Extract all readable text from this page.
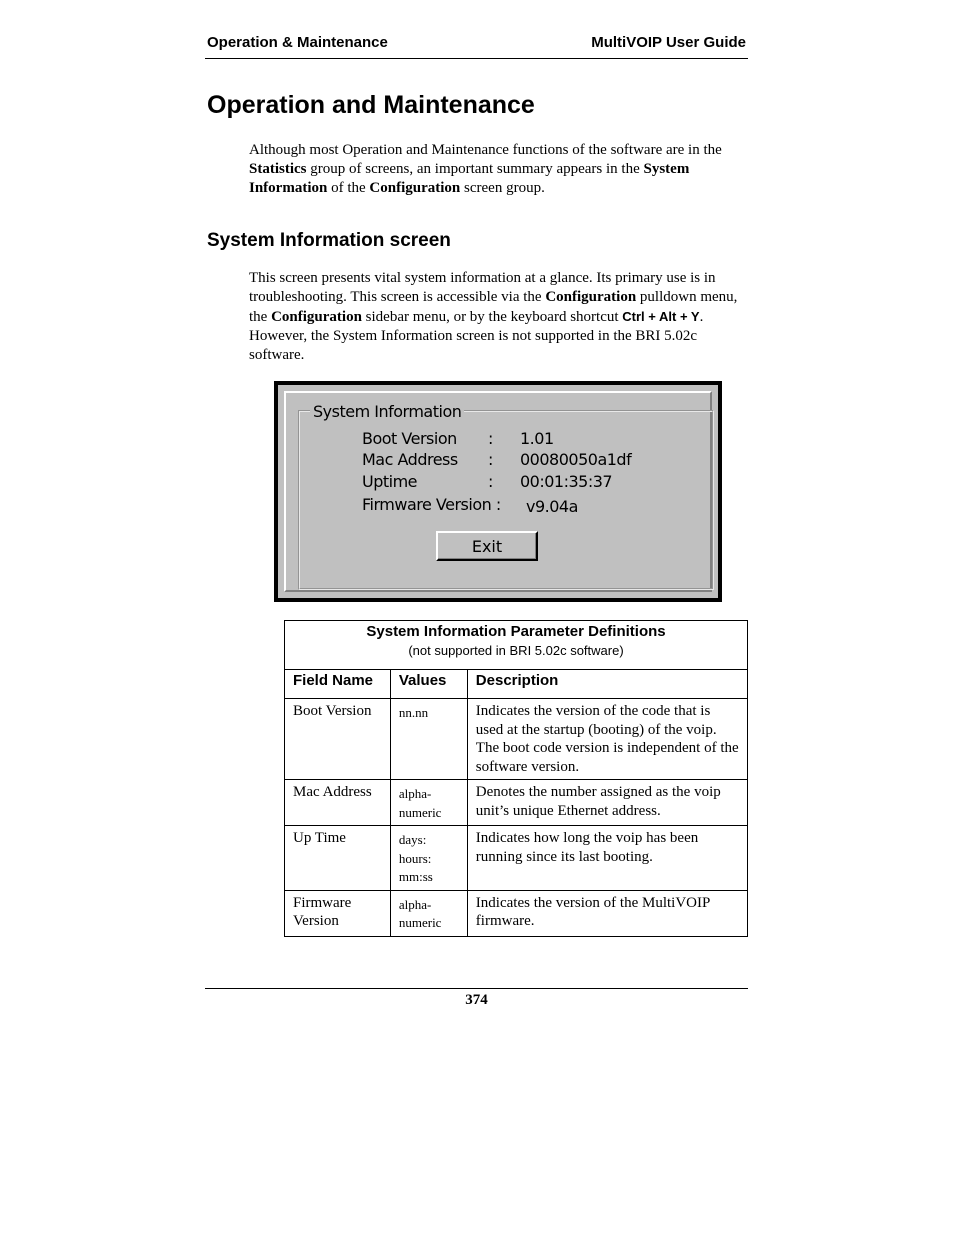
Operation & Maintenance	MultiVOIP User Guide
Operation and Maintenance

Although most Operation and Maintenance functions of the software are in the Statistics group of screens, an important summary appears in the System Information of the Configuration screen group.

System Information screen

This screen presents vital system information at a glance. Its primary use is in troubleshooting. This screen is accessible via the Configuration pulldown menu, the Configuration sidebar menu, or by the keyboard shortcut Ctrl + Alt + Y. However, the System Information screen is not supported in the BRI 5.02c software.

System Information
Boot Version : 1.01
Mac Address : 00080050a1df
Uptime	: 00:01:35:37
Firmware Version : v9.04a
Exit
System Information Parameter Definitions
(not supported in BRI 5.02c software)		

Field Name	Values	Description
Boot Version	nn.nn	Indicates the version of the code that is used at the startup (booting) of the voip. The boot code version is independent of the software version.
Mac Address	alpha-numeric	Denotes the number assigned as the voip unit’s unique Ethernet address.
Up Time	days: hours: mm:ss	Indicates how long the voip has been running since its last booting.
Firmware Version	alpha-numeric	Indicates the version of the MultiVOIP firmware.
374
